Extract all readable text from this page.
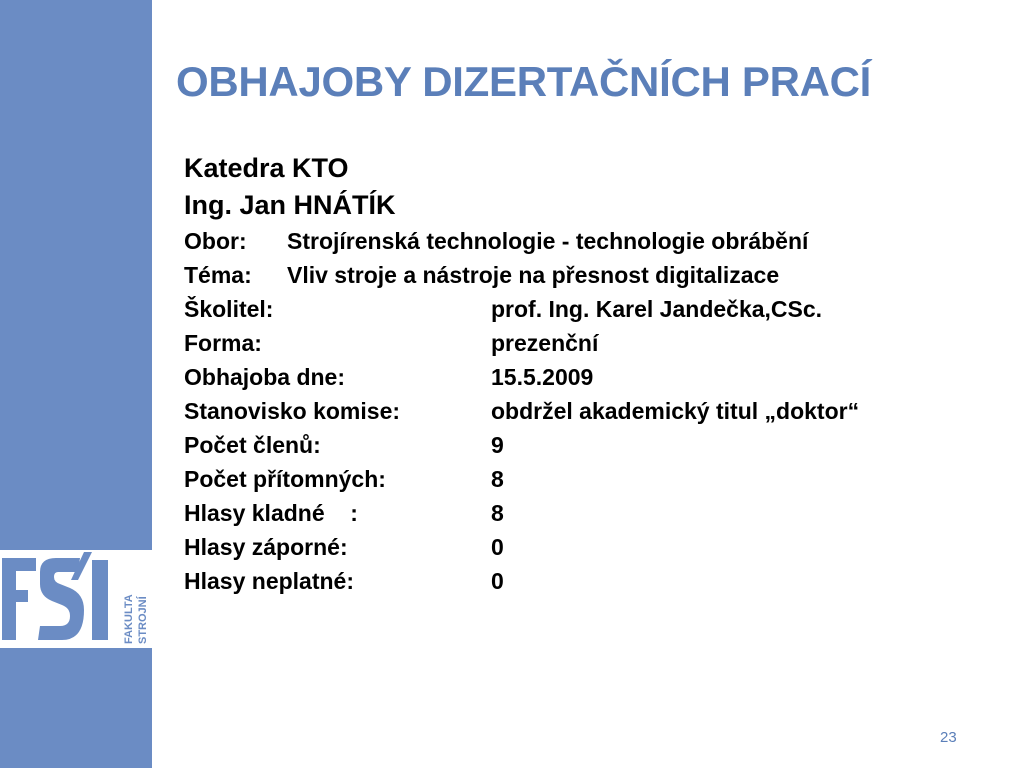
FAKULTA STROJNÍ
OBHAJOBY DIZERTAČNÍCH PRACÍ
Katedra KTO
Ing. Jan HNÁTÍK
Obor: Strojírenská technologie - technologie obrábění
Téma: Vliv stroje a nástroje na přesnost digitalizace
Školitel:	prof. Ing. Karel Jandečka,CSc.
Forma:	prezenční
Obhajoba dne:	15.5.2009
Stanovisko komise:	obdržel akademický titul „doktor“
Počet členů:	9
Počet přítomných:	8
Hlasy kladné    :	8
Hlasy záporné:	0
Hlasy neplatné:	0
23
